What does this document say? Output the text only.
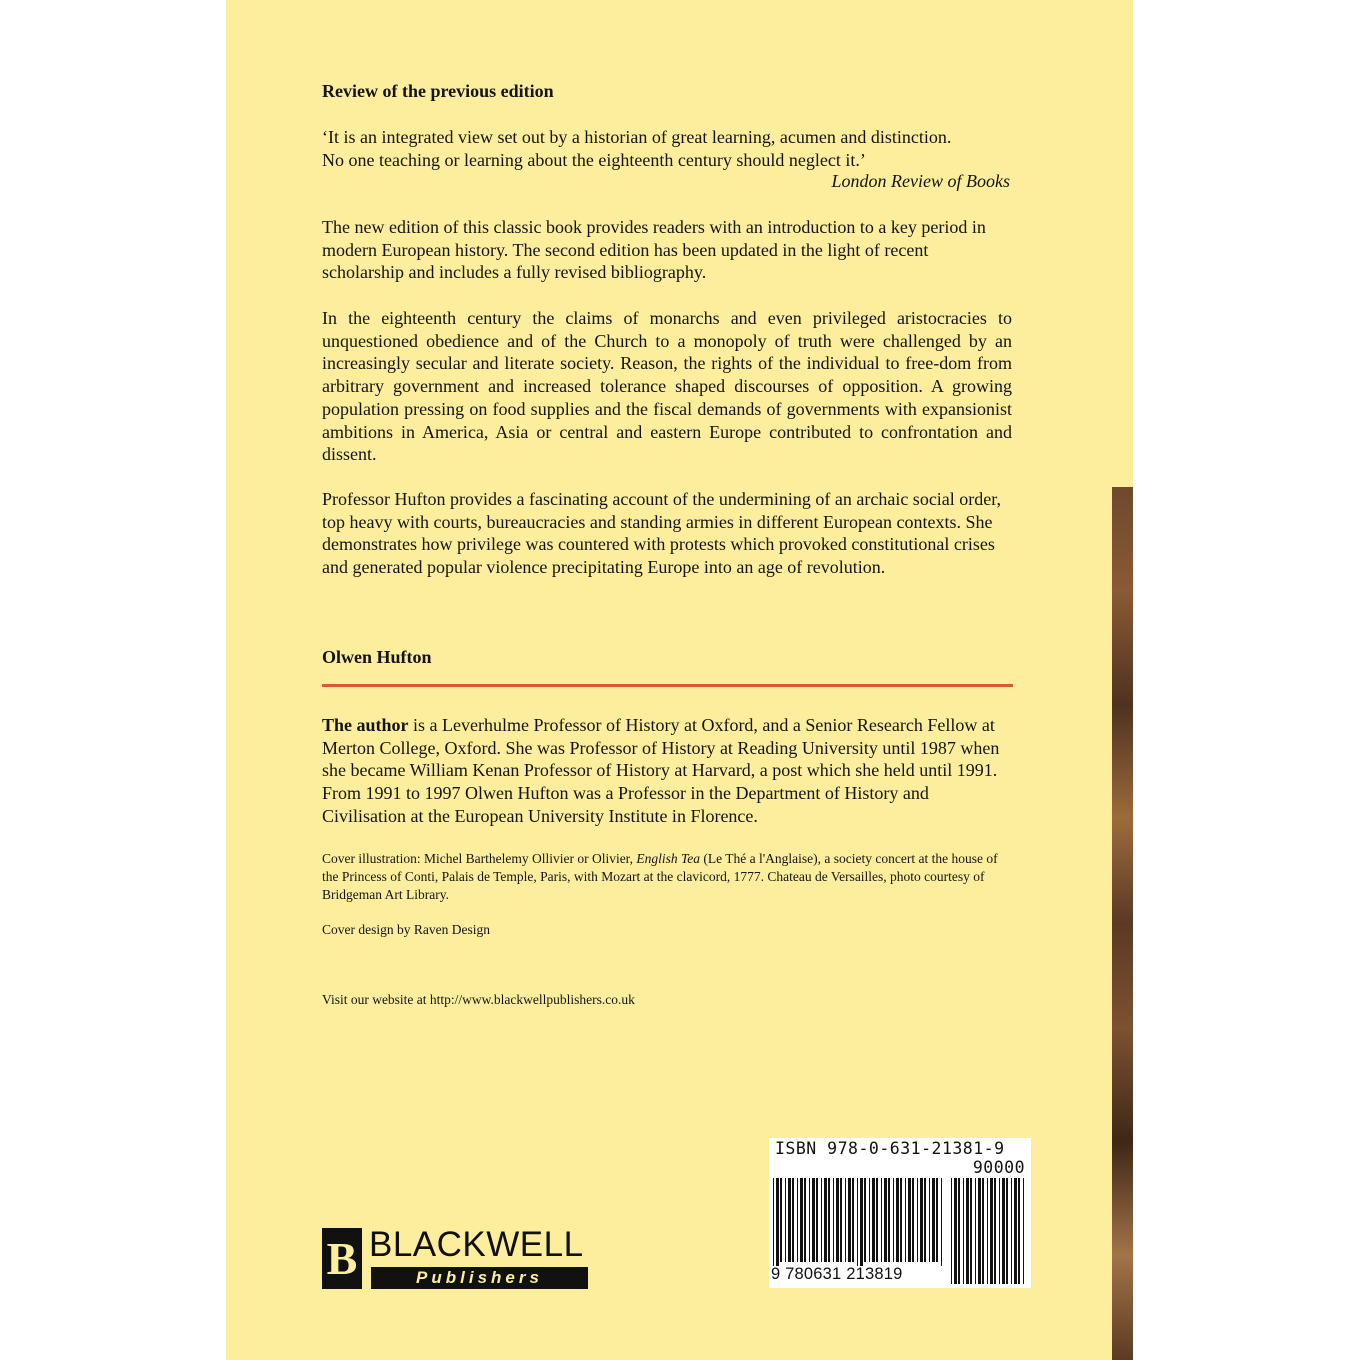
Review of the previous edition
‘It is an integrated view set out by a historian of great learning, acumen and distinction.
No one teaching or learning about the eighteenth century should neglect it.’
London Review of Books
The new edition of this classic book provides readers with an introduction to a key period in modern European history. The second edition has been updated in the light of recent scholarship and includes a fully revised bibliography.
In the eighteenth century the claims of monarchs and even privileged aristocracies to unquestioned obedience and of the Church to a monopoly of truth were challenged by an increasingly secular and literate society. Reason, the rights of the individual to free-dom from arbitrary government and increased tolerance shaped discourses of opposition. A growing population pressing on food supplies and the fiscal demands of governments with expansionist ambitions in America, Asia or central and eastern Europe contributed to confrontation and dissent.
Professor Hufton provides a fascinating account of the undermining of an archaic social order, top heavy with courts, bureaucracies and standing armies in different European contexts. She demonstrates how privilege was countered with protests which provoked constitutional crises and generated popular violence precipitating Europe into an age of revolution.
Olwen Hufton
The author is a Leverhulme Professor of History at Oxford, and a Senior Research Fellow at Merton College, Oxford. She was Professor of History at Reading University until 1987 when she became William Kenan Professor of History at Harvard, a post which she held until 1991. From 1991 to 1997 Olwen Hufton was a Professor in the Department of History and Civilisation at the European University Institute in Florence.
Cover illustration: Michel Barthelemy Ollivier or Olivier, English Tea (Le Thé a l'Anglaise), a society concert at the house of the Princess of Conti, Palais de Temple, Paris, with Mozart at the clavicord, 1777. Chateau de Versailles, photo courtesy of Bridgeman Art Library.
Cover design by Raven Design
Visit our website at http://www.blackwellpublishers.co.uk
B BLACKWELL
Publishers
ISBN 978-0-631-21381-9
90000
9 780631 213819
